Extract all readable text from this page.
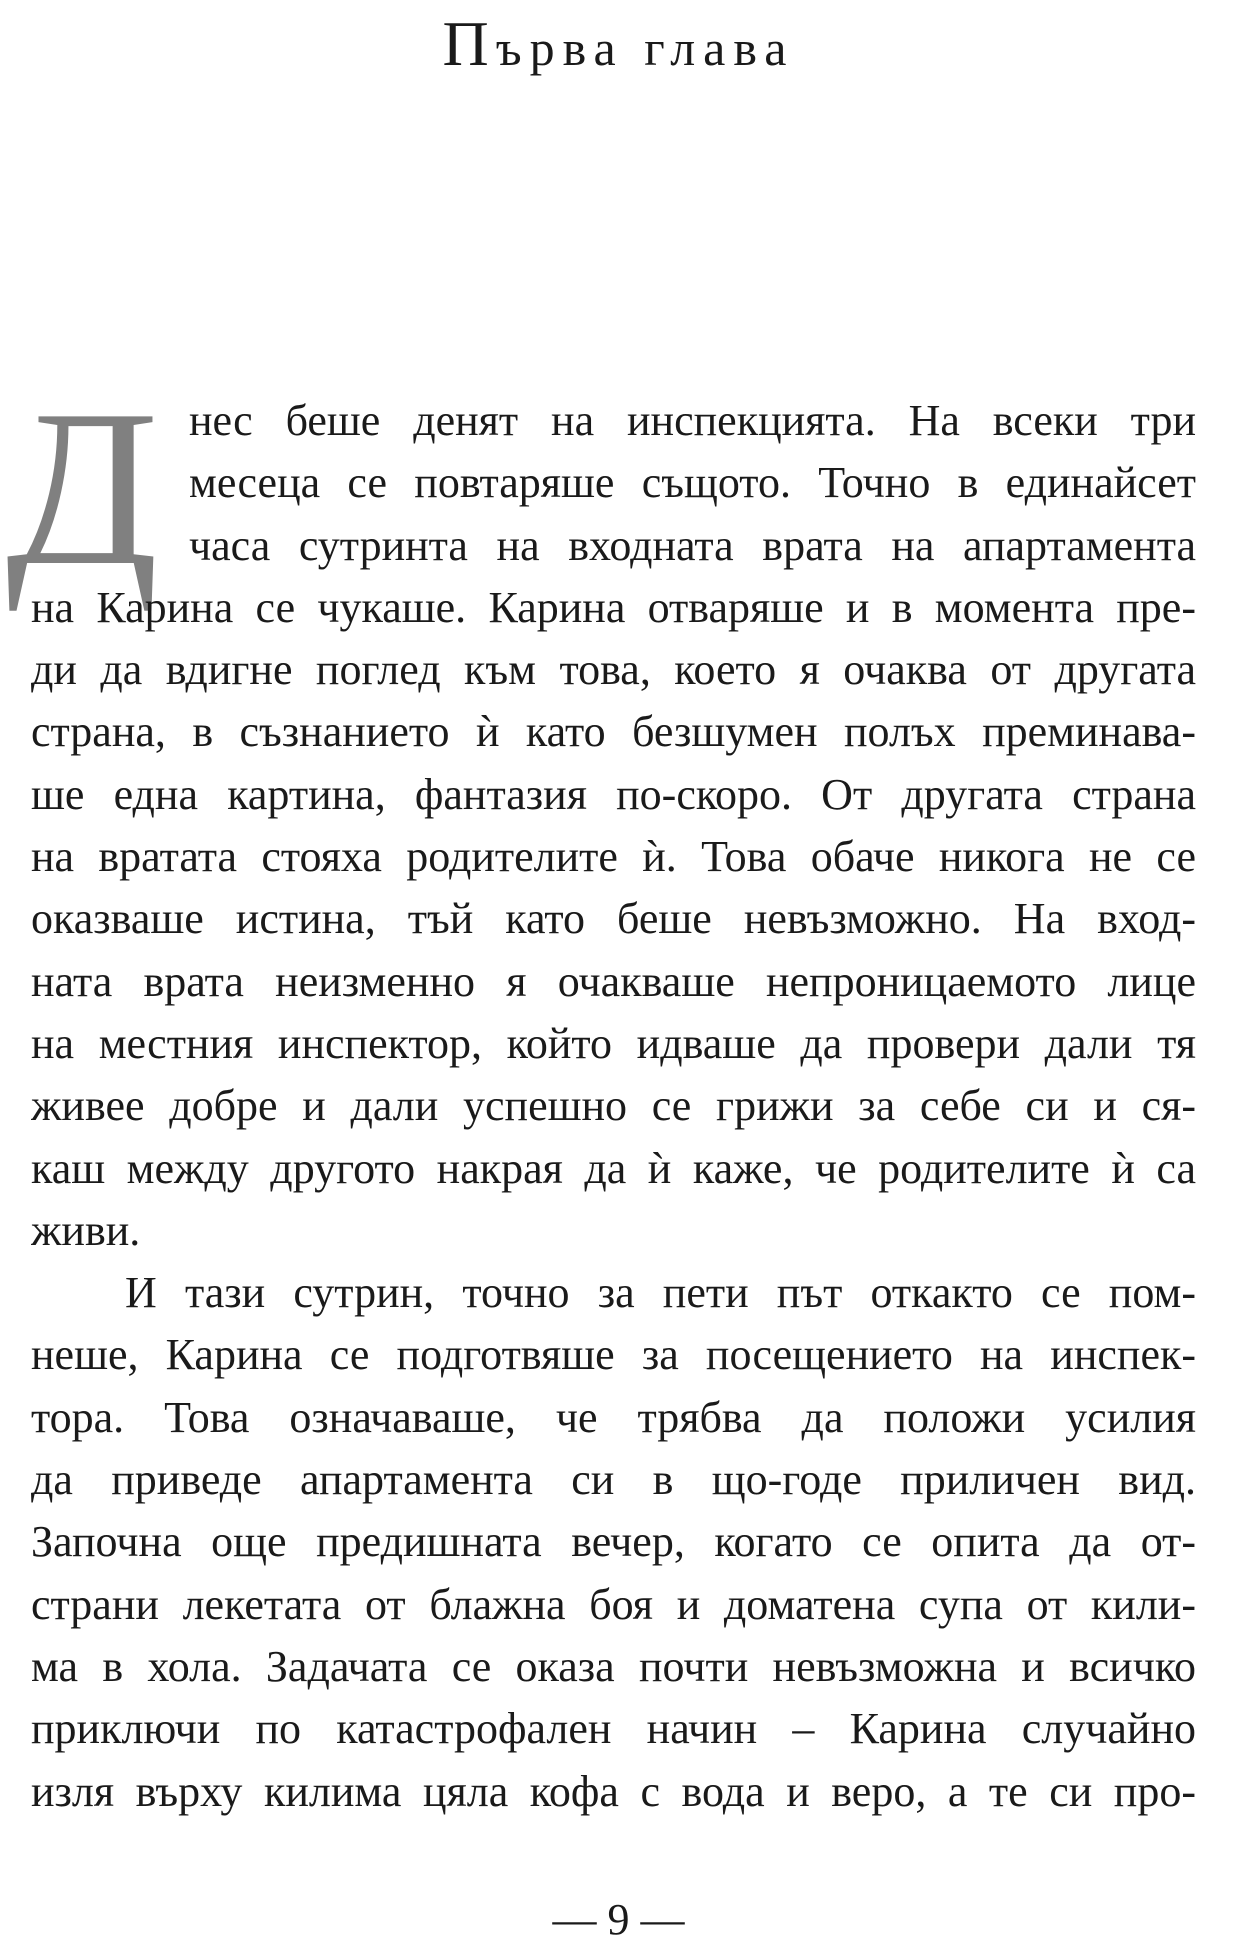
Първа глава
Д нес беше денят на инспекцията. На всеки три
месеца се повтаряше същото. Точно в единайсет
часа сутринта на входната врата на апартамента
на Карина се чукаше. Карина отваряше и в момента пре-
ди да вдигне поглед към това, което я очаква от другата
страна, в съзнанието ѝ като безшумен полъх преминава-
ше една картина, фантазия по-скоро. От другата страна
на вратата стояха родителите ѝ. Това обаче никога не се
оказваше истина, тъй като беше невъзможно. На вход-
ната врата неизменно я очакваше непроницаемото лице
на местния инспектор, който идваше да провери дали тя
живее добре и дали успешно се грижи за себе си и ся-
каш между другото накрая да ѝ каже, че родителите ѝ са
живи.
И тази сутрин, точно за пети път откакто се пом-
неше, Карина се подготвяше за посещението на инспек-
тора. Това означаваше, че трябва да положи усилия
да приведе апартамента си в що-годе приличен вид.
Започна още предишната вечер, когато се опита да от-
страни лекетата от блажна боя и доматена супа от кили-
ма в хола. Задачата се оказа почти невъзможна и всичко
приключи по катастрофален начин – Карина случайно
изля върху килима цяла кофа с вода и веро, а те си про-
— 9 —
